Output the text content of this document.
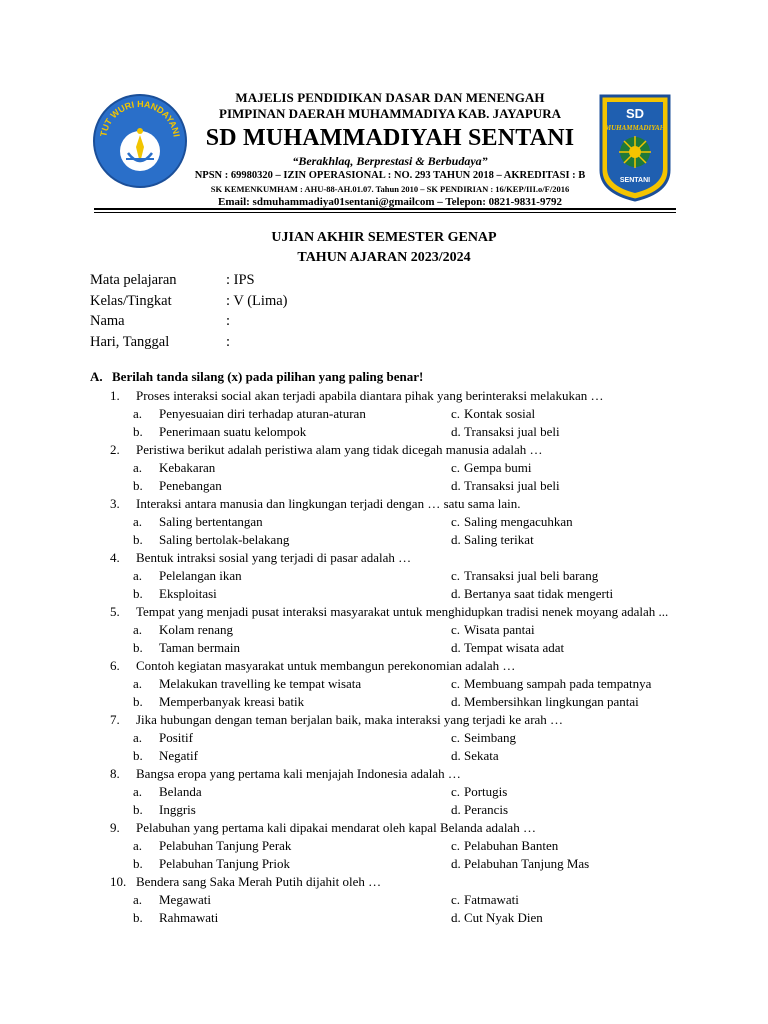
TUT WURI HANDAYANI
MAJELIS PENDIDIKAN DASAR DAN MENENGAH
PIMPINAN DAERAH MUHAMMADIYA KAB. JAYAPURA
SD MUHAMMADIYAH SENTANI
“Berakhlaq, Berprestasi & Berbudaya”
NPSN : 69980320 – IZIN OPERASIONAL : NO. 293 TAHUN 2018 – AKREDITASI : B
SK KEMENKUMHAM : AHU-88-AH.01.07. Tahun 2010 – SK PENDIRIAN : 16/KEP/III.o/F/2016
Email: sdmuhammadiya01sentani@gmailcom – Telepon: 0821-9831-9792
SD
MUHAMMADIYAH
SENTANI
UJIAN AKHIR SEMESTER GENAP
TAHUN AJARAN 2023/2024
Mata pelajaran	: IPS
Kelas/Tingkat	: V (Lima)
Nama	:
Hari, Tanggal	:
A. Berilah tanda silang (x) pada pilihan yang paling benar!
1. Proses interaksi social akan terjadi apabila diantara pihak yang berinteraksi melakukan …
a. Penyesuaian diri terhadap aturan-aturan	c. Kontak sosial
b. Penerimaan suatu kelompok	d. Transaksi jual beli
2. Peristiwa berikut adalah peristiwa alam yang tidak dicegah manusia adalah …
a. Kebakaran	c. Gempa bumi
b. Penebangan	d. Transaksi jual beli
3. Interaksi antara manusia dan lingkungan terjadi dengan … satu sama lain.
a. Saling bertentangan	c. Saling mengacuhkan
b. Saling bertolak-belakang	d. Saling terikat
4. Bentuk intraksi sosial yang terjadi di pasar adalah …
a. Pelelangan ikan	c. Transaksi jual beli barang
b. Eksploitasi	d. Bertanya saat tidak mengerti
5. Tempat yang menjadi pusat interaksi masyarakat untuk menghidupkan tradisi nenek moyang adalah ...
a. Kolam renang	c. Wisata pantai
b. Taman bermain	d. Tempat wisata adat
6. Contoh kegiatan masyarakat untuk membangun perekonomian adalah …
a. Melakukan travelling ke tempat wisata	c. Membuang sampah pada tempatnya
b. Memperbanyak kreasi batik	d. Membersihkan lingkungan pantai
7. Jika hubungan dengan teman berjalan baik, maka interaksi yang terjadi ke arah …
a. Positif	c. Seimbang
b. Negatif	d. Sekata
8. Bangsa eropa yang pertama kali menjajah Indonesia adalah …
a. Belanda	c. Portugis
b. Inggris	d. Perancis
9. Pelabuhan yang pertama kali dipakai mendarat oleh kapal Belanda adalah …
a. Pelabuhan Tanjung Perak	c. Pelabuhan Banten
b. Pelabuhan Tanjung Priok	d. Pelabuhan Tanjung Mas
10. Bendera sang Saka Merah Putih dijahit oleh …
a. Megawati	c. Fatmawati
b. Rahmawati	d. Cut Nyak Dien
